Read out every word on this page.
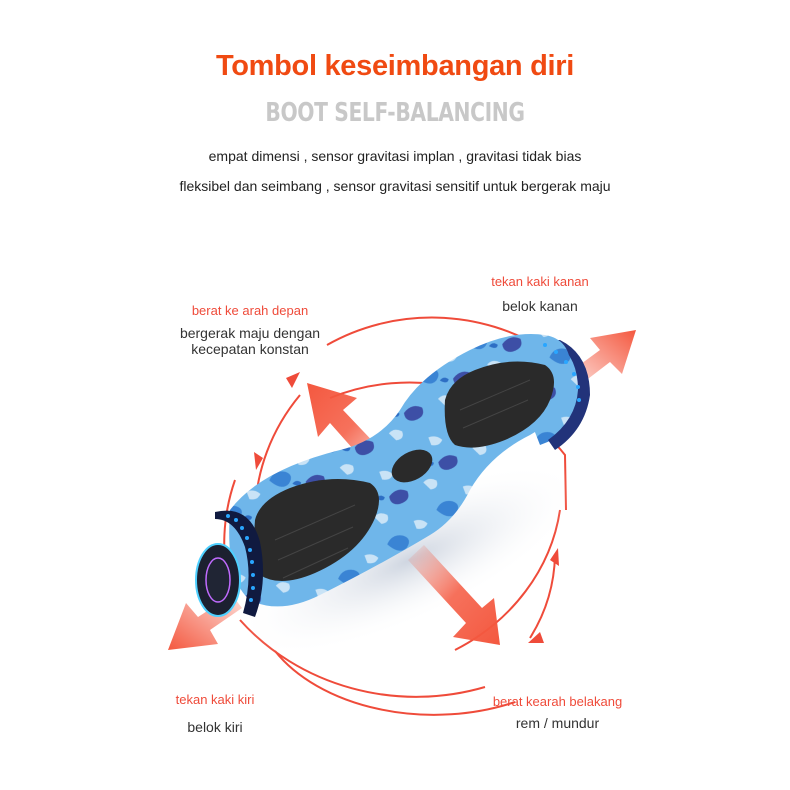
Tombol keseimbangan diri
BOOT SELF-BALANCING
empat dimensi , sensor gravitasi implan , gravitasi tidak bias
fleksibel dan seimbang , sensor gravitasi sensitif untuk bergerak maju
berat ke arah depan
bergerak maju dengan
kecepatan konstan
tekan kaki kanan
belok kanan
tekan kaki kiri
belok kiri
berat kearah belakang
rem / mundur
